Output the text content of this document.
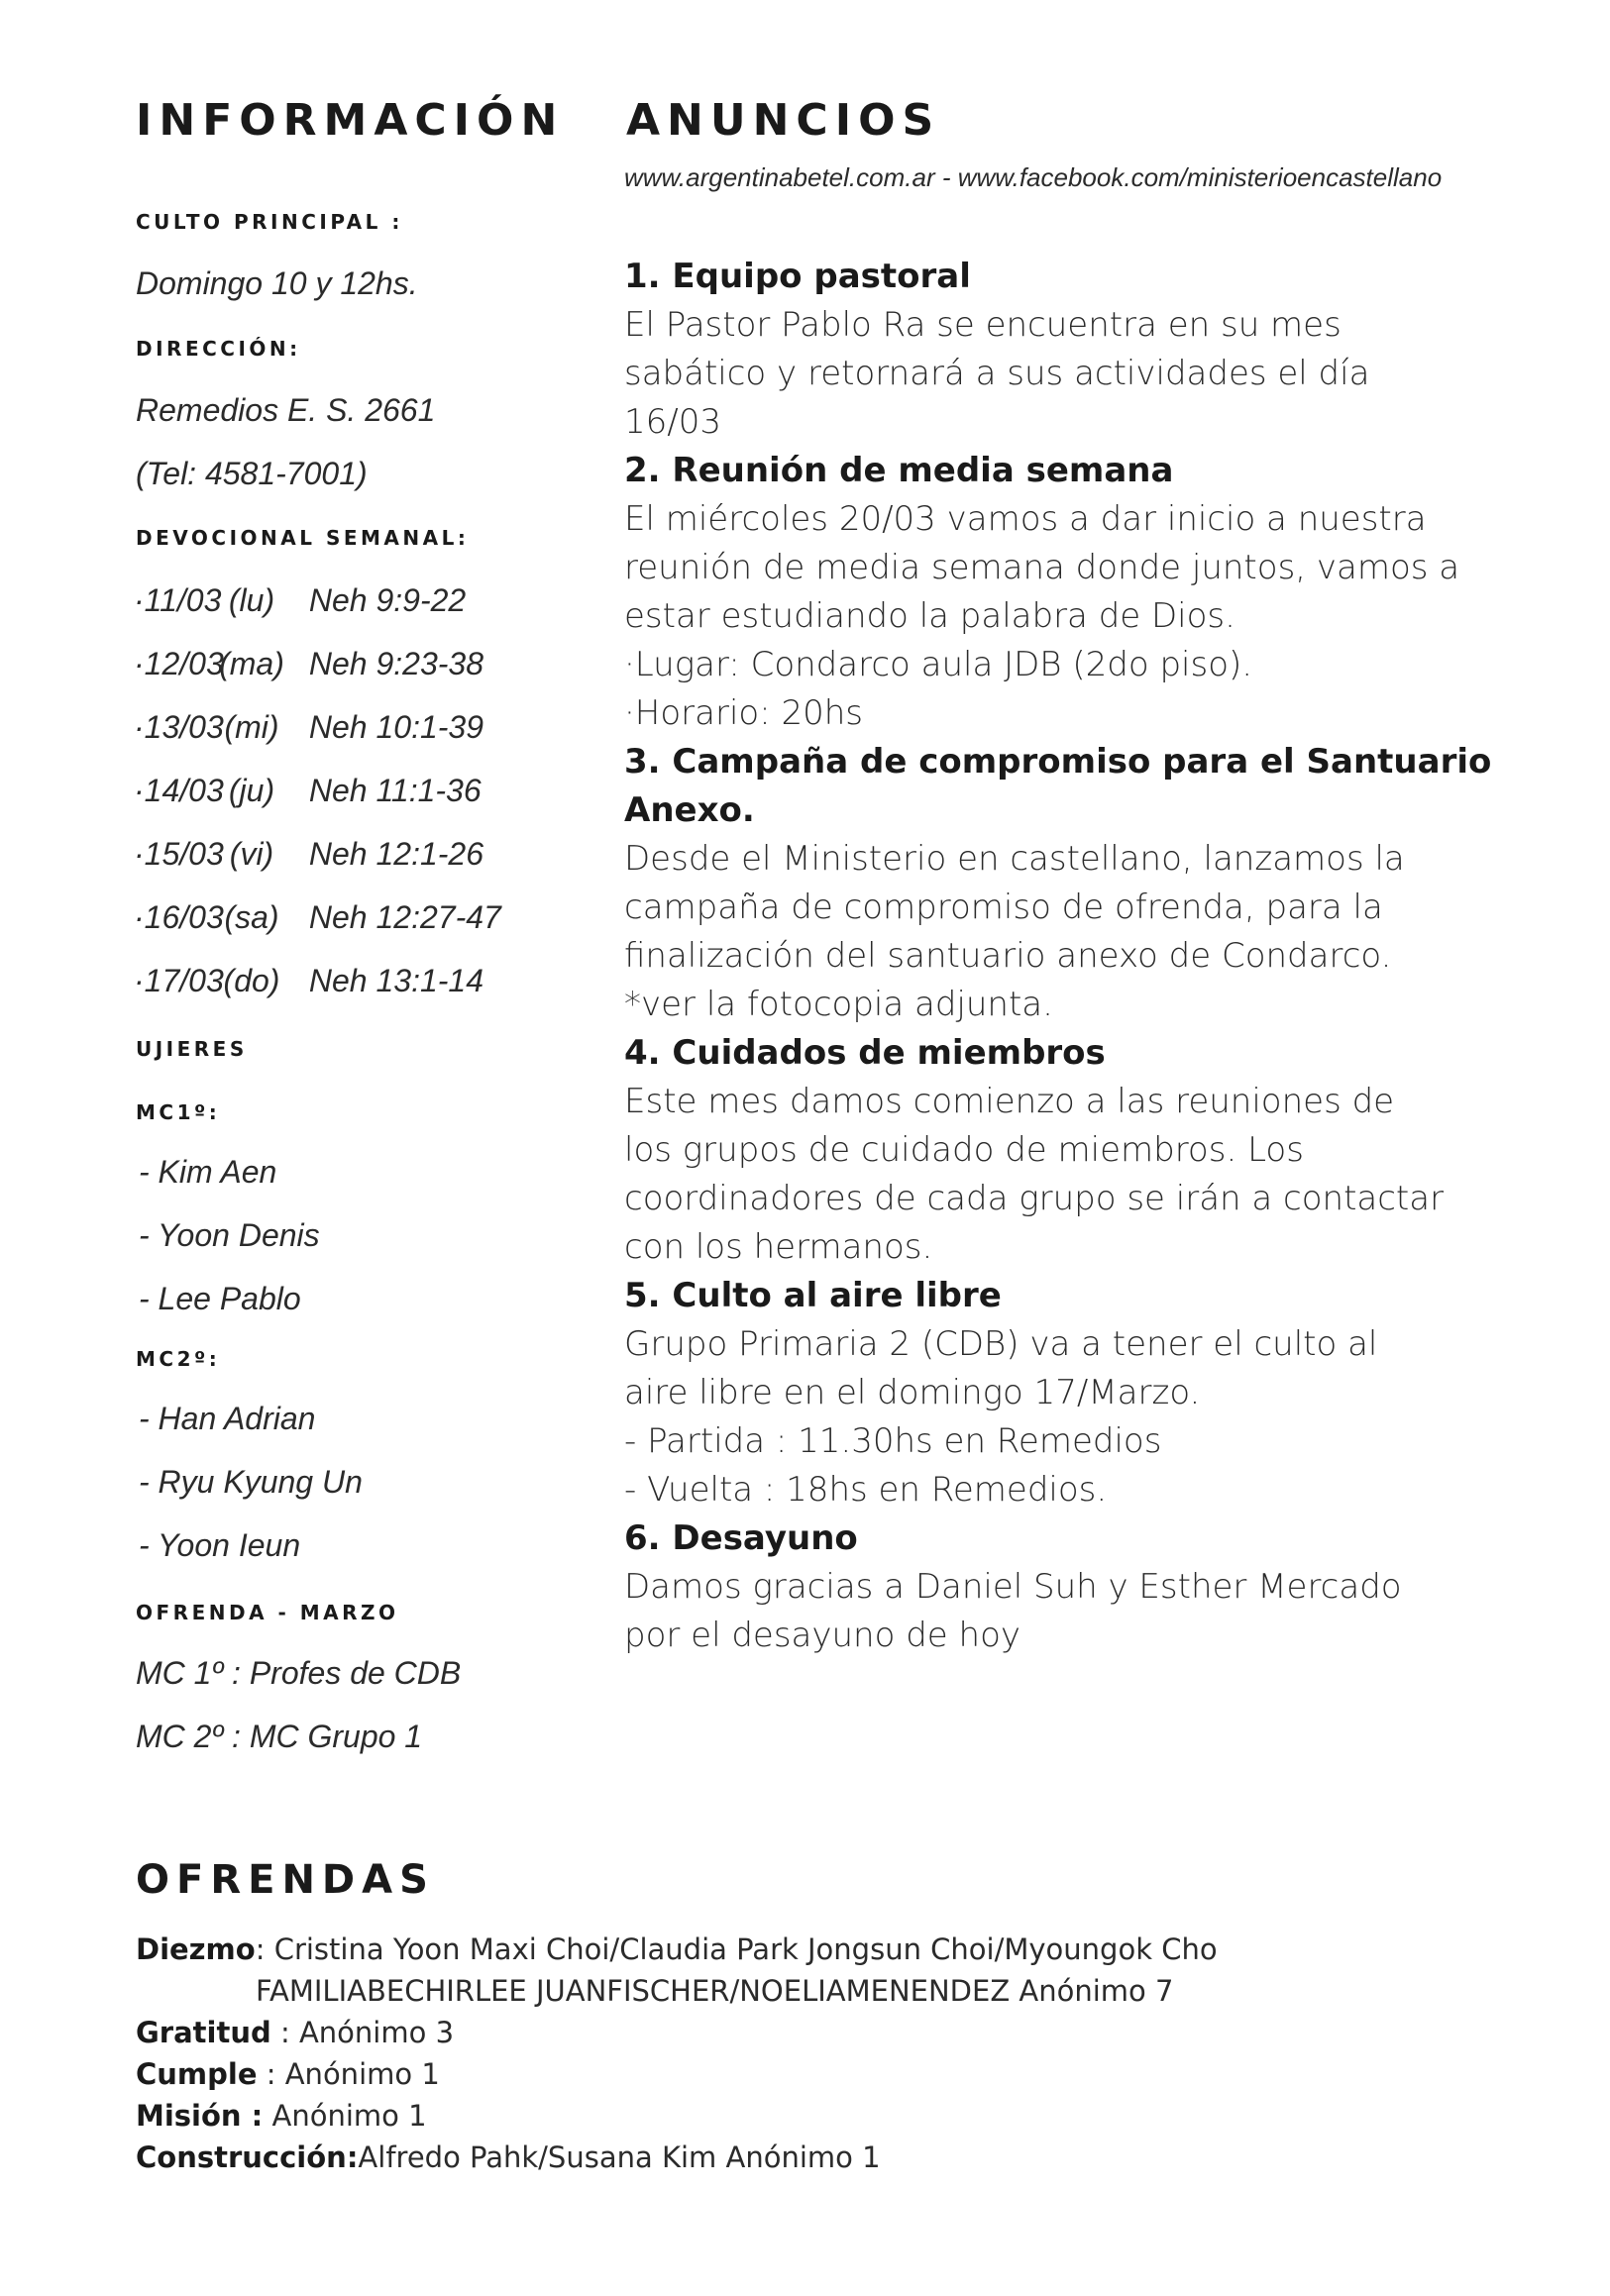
INFORMACIÓN
CULTO PRINCIPAL :
Domingo 10 y 12hs.
DIRECCIÓN:
Remedios E. S. 2661
(Tel: 4581-7001)
DEVOCIONAL SEMANAL:
·11/03 (lu) Neh 9:9-22
·12/03(ma) Neh 9:23-38
·13/03(mi) Neh 10:1-39
·14/03 (ju) Neh 11:1-36
·15/03 (vi) Neh 12:1-26
·16/03(sa) Neh 12:27-47
·17/03(do) Neh 13:1-14
UJIERES
MC1º:
- Kim Aen
- Yoon Denis
- Lee Pablo
MC2º:
- Han Adrian
- Ryu Kyung Un
- Yoon Ieun
OFRENDA - MARZO
MC 1º : Profes de CDB
MC 2º : MC Grupo 1
ANUNCIOS
www.argentinabetel.com.ar - www.facebook.com/ministerioencastellano
1. Equipo pastoral
El Pastor Pablo Ra se encuentra en su mes
sabático y retornará a sus actividades el día
16/03
2. Reunión de media semana
El miércoles 20/03 vamos a dar inicio a nuestra
reunión de media semana donde juntos, vamos a
estar estudiando la palabra de Dios.
·Lugar: Condarco aula JDB (2do piso).
·Horario: 20hs
3. Campaña de compromiso para el Santuario
Anexo.
Desde el Ministerio en castellano, lanzamos la
campaña de compromiso de ofrenda, para la
finalización del santuario anexo de Condarco.
*ver la fotocopia adjunta.
4. Cuidados de miembros
Este mes damos comienzo a las reuniones de
los grupos de cuidado de miembros. Los
coordinadores de cada grupo se irán a contactar
con los hermanos.
5. Culto al aire libre
Grupo Primaria 2 (CDB) va a tener el culto al
aire libre en el domingo 17/Marzo.
- Partida : 11.30hs en Remedios
- Vuelta : 18hs en Remedios.
6. Desayuno
Damos gracias a Daniel Suh y Esther Mercado
por el desayuno de hoy
OFRENDAS
Diezmo: Cristina Yoon Maxi Choi/Claudia Park Jongsun Choi/Myoungok Cho
FAMILIABECHIRLEE JUANFISCHER/NOELIAMENENDEZ Anónimo 7
Gratitud : Anónimo 3
Cumple : Anónimo 1
Misión : Anónimo 1
Construcción:Alfredo Pahk/Susana Kim Anónimo 1
